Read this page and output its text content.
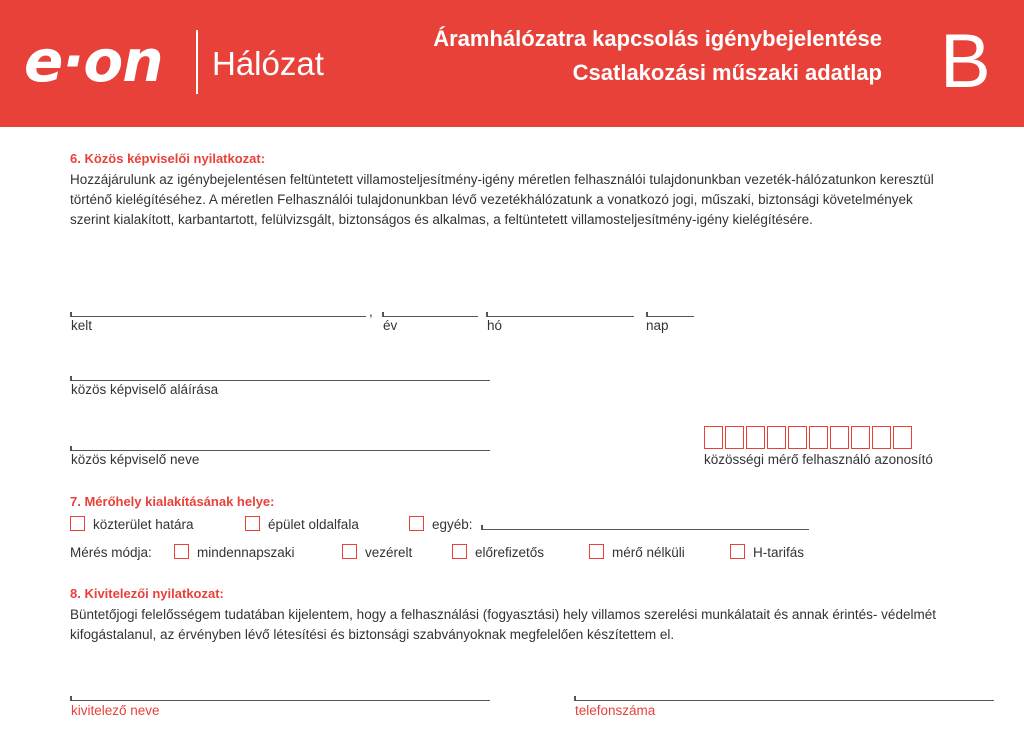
e·on Hálózat
Áramhálózatra kapcsolás igénybejelentése
Csatlakozási műszaki adatlap B
6. Közös képviselői nyilatkozat:
Hozzájárulunk az igénybejelentésen feltüntetett villamosteljesítmény-igény méretlen felhasználói tulajdonunkban vezeték-hálózatunkon keresztül történő kielégítéséhez. A méretlen Felhasználói tulajdonunkban lévő vezetékhálózatunk a vonatkozó jogi, műszaki, biztonsági követelmények szerint kialakított, karbantartott, felülvizsgált, biztonságos és alkalmas, a feltüntetett villamosteljesítmény-igény kielégítésére.
,
kelt	év	hó	nap
közös képviselő aláírása
közös képviselő neve	közösségi mérő felhasználó azonosító
7. Mérőhely kialakításának helye:
közterület határa	épület oldalfala	egyéb:
Mérés módja:	mindennapszaki	vezérelt	előrefizetős	mérő nélküli	H-tarifás
8. Kivitelezői nyilatkozat:
Büntetőjogi felelősségem tudatában kijelentem, hogy a felhasználási (fogyasztási) hely villamos szerelési munkálatait és annak érintés- védelmét kifogástalanul, az érvényben lévő létesítési és biztonsági szabványoknak megfelelően készítettem el.
kivitelező neve	telefonszáma
